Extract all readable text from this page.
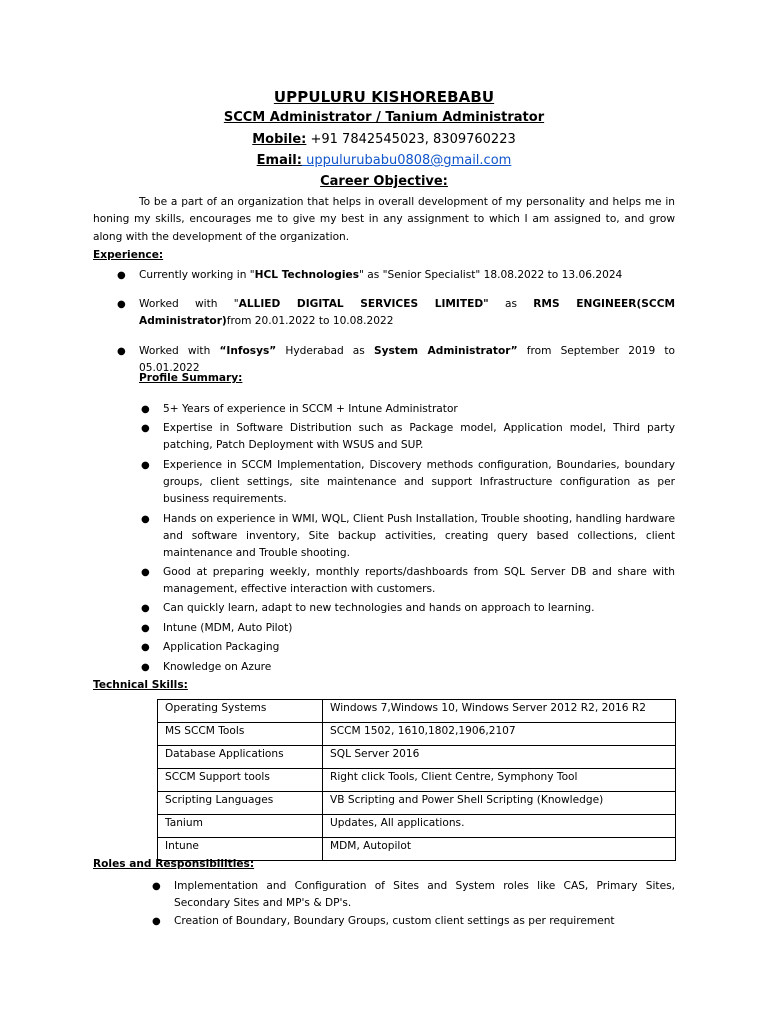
UPPULURU KISHOREBABU
SCCM Administrator / Tanium Administrator
Mobile: +91 7842545023, 8309760223
Email: uppulurubabu0808@gmail.com
Career Objective:
To be a part of an organization that helps in overall development of my personality and helps me in honing my skills, encourages me to give my best in any assignment to which I am assigned to, and grow along with the development of the organization.
Experience:
● Currently working in "HCL Technologies" as "Senior Specialist" 18.08.2022 to 13.06.2024
● Worked with "ALLIED DIGITAL SERVICES LIMITED" as RMS ENGINEER(SCCM Administrator)from 20.01.2022 to 10.08.2022
● Worked with “Infosys” Hyderabad as System Administrator” from September 2019 to 05.01.2022
Profile Summary:
● 5+ Years of experience in SCCM + Intune Administrator
● Expertise in Software Distribution such as Package model, Application model, Third party patching, Patch Deployment with WSUS and SUP.
● Experience in SCCM Implementation, Discovery methods configuration, Boundaries, boundary groups, client settings, site maintenance and support Infrastructure configuration as per business requirements.
● Hands on experience in WMI, WQL, Client Push Installation, Trouble shooting, handling hardware and software inventory, Site backup activities, creating query based collections, client maintenance and Trouble shooting.
● Good at preparing weekly, monthly reports/dashboards from SQL Server DB and share with management, effective interaction with customers.
● Can quickly learn, adapt to new technologies and hands on approach to learning.
● Intune (MDM, Auto Pilot)
● Application Packaging
● Knowledge on Azure
Technical Skills:
Operating Systems	Windows 7,Windows 10, Windows Server 2012 R2, 2016 R2
MS SCCM Tools	SCCM 1502, 1610,1802,1906,2107
Database Applications	SQL Server 2016
SCCM Support tools	Right click Tools, Client Centre, Symphony Tool
Scripting Languages	VB Scripting and Power Shell Scripting (Knowledge)
Tanium	Updates, All applications.
Intune	MDM, Autopilot
Roles and Responsibilities:
● Implementation and Configuration of Sites and System roles like CAS, Primary Sites, Secondary Sites and MP's & DP's.
● Creation of Boundary, Boundary Groups, custom client settings as per requirement
